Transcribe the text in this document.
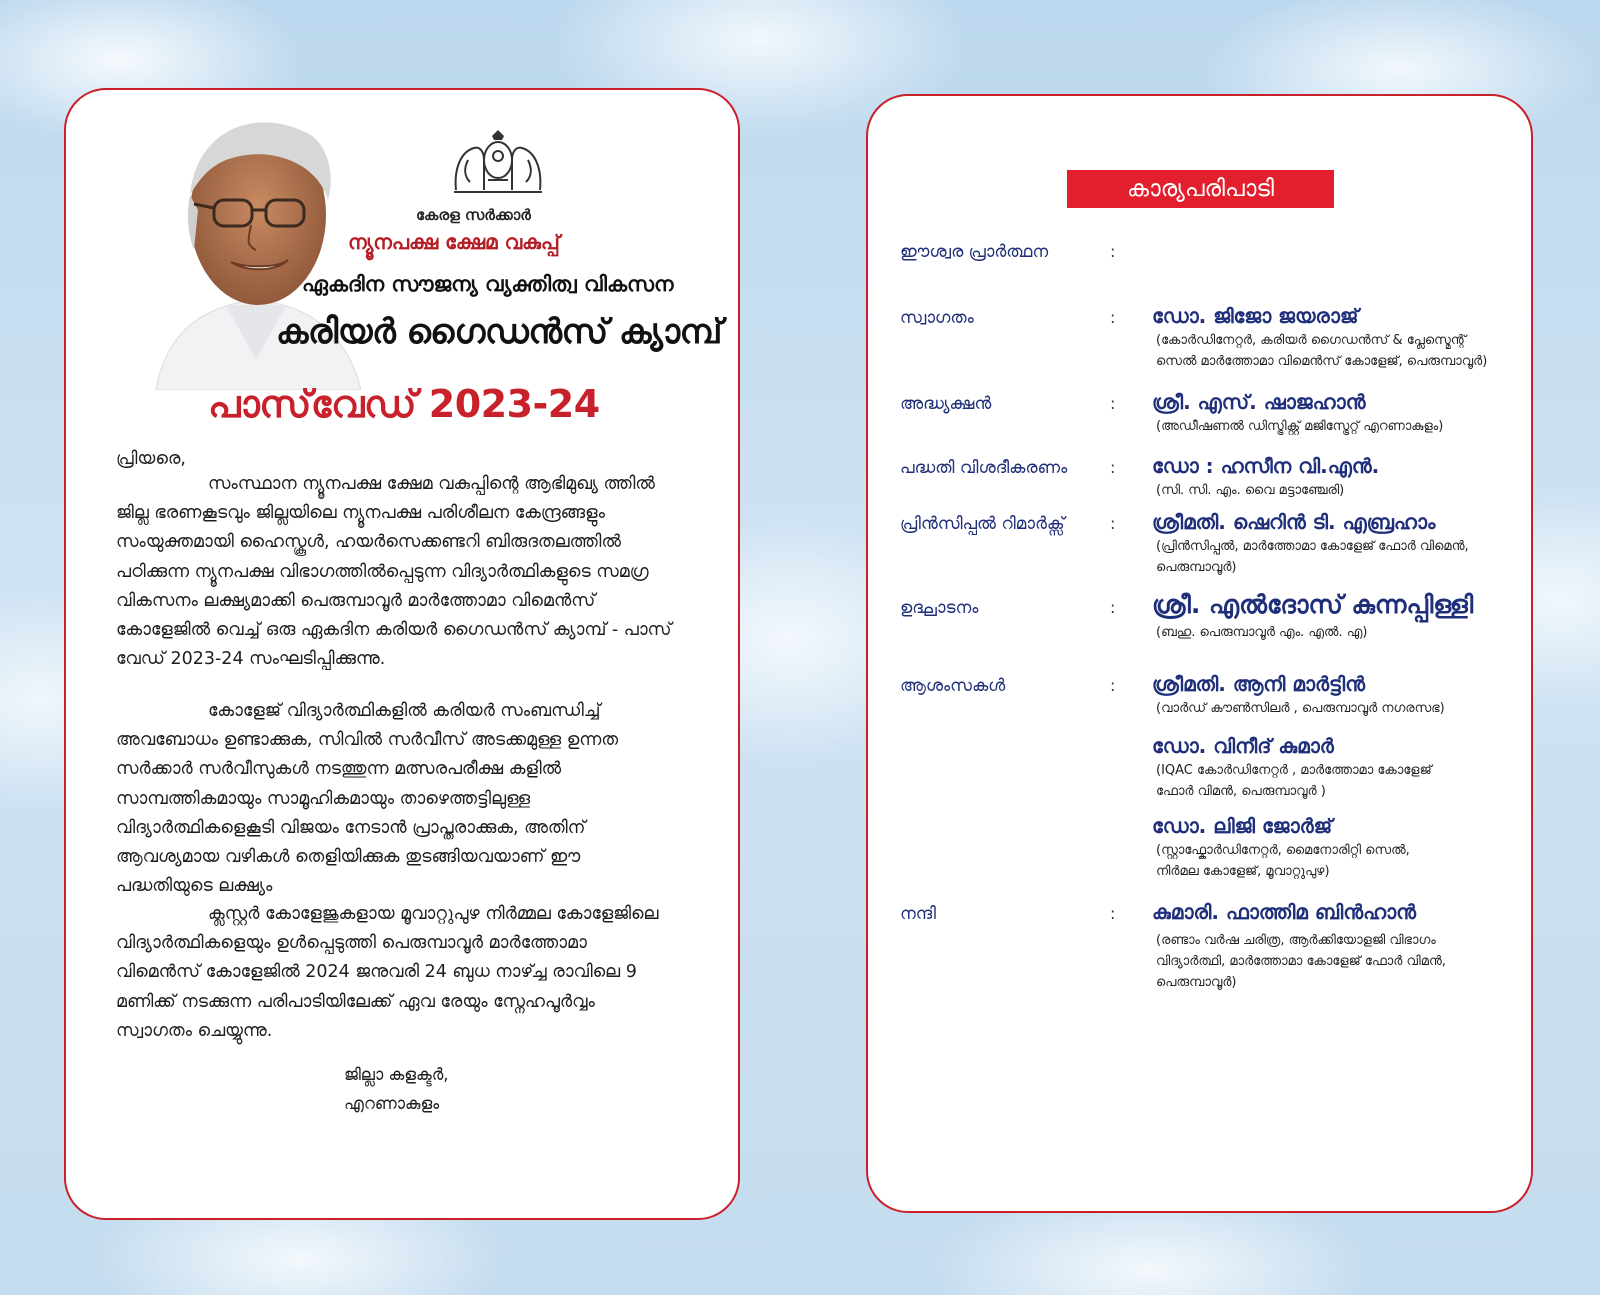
കേരള സർക്കാർ
ന്യൂനപക്ഷ ക്ഷേമ വകുപ്പ്
ഏകദിന സൗജന്യ വ്യക്തിത്വ വികസന
കരിയർ ഗൈഡൻസ് ക്യാമ്പ്
പാസ്‌വേഡ് 2023-24
പ്രിയരെ,
സംസ്ഥാന ന്യൂനപക്ഷ ക്ഷേമ വകുപ്പിന്റെ ആഭിമുഖ്യ ത്തിൽ ജില്ല ഭരണകൂടവും ജില്ലയിലെ ന്യൂനപക്ഷ പരിശീലന കേന്ദ്രങ്ങളും സംയുക്തമായി ഹൈസ്കൂൾ, ഹയർസെക്കണ്ടറി ബിരുദതലത്തിൽ പഠിക്കുന്ന ന്യൂനപക്ഷ വിഭാഗത്തിൽപ്പെടുന്ന വിദ്യാർത്ഥികളുടെ സമഗ്ര വികസനം ലക്ഷ്യമാക്കി പെരുമ്പാവൂർ മാർത്തോമാ വിമെൻസ് കോളേജിൽ വെച്ച് ഒരു ഏകദിന കരിയർ ഗൈഡൻസ് ക്യാമ്പ് - പാസ് വേഡ് 2023-24 സംഘടിപ്പിക്കുന്നു.
കോളേജ് വിദ്യാർത്ഥികളിൽ കരിയർ സംബന്ധിച്ച് അവബോധം ഉണ്ടാക്കുക, സിവിൽ സർവീസ് അടക്കമുള്ള ഉന്നത സർക്കാർ സർവീസുകൾ നടത്തുന്ന മത്സരപരീക്ഷ കളിൽ സാമ്പത്തികമായും സാമൂഹികമായും താഴെത്തട്ടിലുള്ള വിദ്യാർത്ഥികളെകൂടി വിജയം നേടാൻ പ്രാപ്തരാക്കുക, അതിന് ആവശ്യമായ വഴികൾ തെളിയിക്കുക തുടങ്ങിയവയാണ് ഈ പദ്ധതിയുടെ ലക്ഷ്യം
ക്ലസ്റ്റർ കോളേജുകളായ മൂവാറ്റുപുഴ നിർമ്മല കോളേജിലെ വിദ്യാർത്ഥികളെയും ഉൾപ്പെടുത്തി പെരുമ്പാവൂർ മാർത്തോമാ വിമെൻസ് കോളേജിൽ 2024 ജനുവരി 24 ബുധ നാഴ്ച്ച രാവിലെ 9 മണിക്ക് നടക്കുന്ന പരിപാടിയിലേക്ക് ഏവ രേയും സ്നേഹപൂർവ്വം സ്വാഗതം ചെയ്യുന്നു.
ജില്ലാ കളക്ടർ,
എറണാകുളം
കാര്യപരിപാടി
ഈശ്വര പ്രാർത്ഥന	:
സ്വാഗതം	: ഡോ. ജിജോ ജയരാജ്
(കോർഡിനേറ്റർ, കരിയർ ഗൈഡൻസ് & പ്ലേസ്മെന്റ്
സെൽ മാർത്തോമാ വിമെൻസ് കോളേജ്, പെരുമ്പാവൂർ)
അദ്ധ്യക്ഷൻ	: ശ്രീ. എസ്. ഷാജഹാൻ
(അഡീഷണൽ ഡിസ്ട്രിക്റ്റ് മജിസ്ട്രേറ്റ് എറണാകുളം)
പദ്ധതി വിശദീകരണം	: ഡോ : ഹസീന വി.എൻ.
(സി. സി. എം. വൈ മട്ടാഞ്ചേരി)
പ്രിൻസിപ്പൽ റിമാർക്സ്	: ശ്രീമതി. ഷെറിൻ ടി. എബ്രഹാം
(പ്രിൻസിപ്പൽ, മാർത്തോമാ കോളേജ് ഫോർ വിമെൻ,
പെരുമ്പാവൂർ)
ഉദ്ഘാടനം	: ശ്രീ. എൽദോസ് കുന്നപ്പിള്ളി
(ബഹു. പെരുമ്പാവൂർ എം. എൽ. എ)
ആശംസകൾ	: ശ്രീമതി. ആനി മാർട്ടിൻ
(വാർഡ് കൗൺസിലർ , പെരുമ്പാവൂർ നഗരസഭ)
ഡോ. വിനീദ് കുമാർ
(IQAC കോർഡിനേറ്റർ , മാർത്തോമാ കോളേജ്
ഫോർ വിമൻ, പെരുമ്പാവൂർ )
ഡോ. ലിജി ജോർജ്
(സ്റ്റാഫ്കോർഡിനേറ്റർ, മൈനോരിറ്റി സെൽ,
നിർമല കോളേജ്, മൂവാറ്റുപുഴ)
നന്ദി	: കുമാരി. ഫാത്തിമ ബിൻഹാൻ
(രണ്ടാം വർഷ ചരിത്ര, ആർക്കിയോളജി വിഭാഗം
വിദ്യാർത്ഥി, മാർത്തോമാ കോളേജ് ഫോർ വിമൻ,
പെരുമ്പാവൂർ)
